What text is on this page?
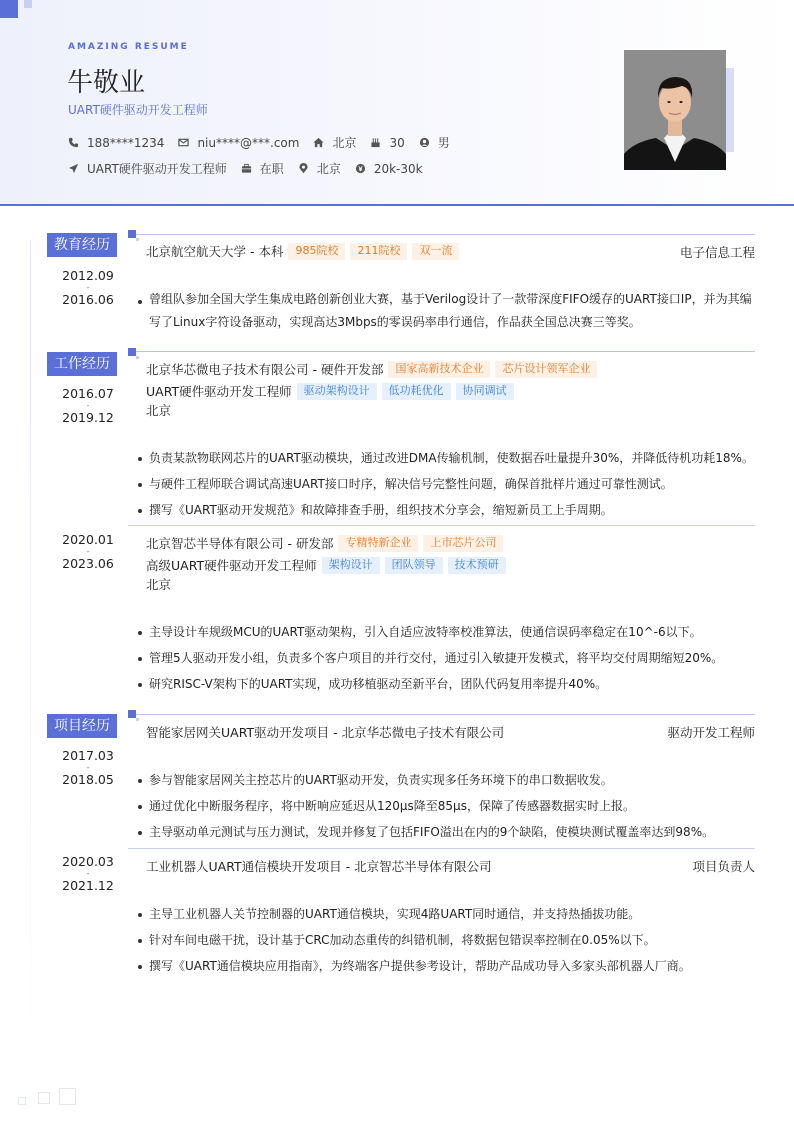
AMAZING RESUME
牛敬业
UART硬件驱动开发工程师
188****1234	niu****@***.com	北京	30	男
UART硬件驱动开发工程师	在职	北京	20k-30k
教育经历
2012.09
-
2016.06
北京航空航天大学 - 本科	985院校	211院校	双一流	电子信息工程
曾组队参加全国大学生集成电路创新创业大赛，基于Verilog设计了一款带深度FIFO缓存的UART接口IP，并为其编写了Linux字符设备驱动，实现高达3Mbps的零误码率串行通信，作品获全国总决赛三等奖。
工作经历
2016.07
-
2019.12
北京华芯微电子技术有限公司 - 硬件开发部	国家高新技术企业	芯片设计领军企业
UART硬件驱动开发工程师	驱动架构设计	低功耗优化	协同调试
北京
负责某款物联网芯片的UART驱动模块，通过改进DMA传输机制，使数据吞吐量提升30%，并降低待机功耗18%。
与硬件工程师联合调试高速UART接口时序，解决信号完整性问题，确保首批样片通过可靠性测试。
撰写《UART驱动开发规范》和故障排查手册，组织技术分享会，缩短新员工上手周期。
2020.01
-
2023.06
北京智芯半导体有限公司 - 研发部	专精特新企业	上市芯片公司
高级UART硬件驱动开发工程师	架构设计	团队领导	技术预研
北京
主导设计车规级MCU的UART驱动架构，引入自适应波特率校准算法，使通信误码率稳定在10^-6以下。
管理5人驱动开发小组，负责多个客户项目的并行交付，通过引入敏捷开发模式，将平均交付周期缩短20%。
研究RISC-V架构下的UART实现，成功移植驱动至新平台，团队代码复用率提升40%。
项目经历
2017.03
-
2018.05
智能家居网关UART驱动开发项目 - 北京华芯微电子技术有限公司	驱动开发工程师
参与智能家居网关主控芯片的UART驱动开发，负责实现多任务环境下的串口数据收发。
通过优化中断服务程序，将中断响应延迟从120μs降至85μs，保障了传感器数据实时上报。
主导驱动单元测试与压力测试，发现并修复了包括FIFO溢出在内的9个缺陷，使模块测试覆盖率达到98%。
2020.03
-
2021.12
工业机器人UART通信模块开发项目 - 北京智芯半导体有限公司	项目负责人
主导工业机器人关节控制器的UART通信模块，实现4路UART同时通信，并支持热插拔功能。
针对车间电磁干扰，设计基于CRC加动态重传的纠错机制，将数据包错误率控制在0.05%以下。
撰写《UART通信模块应用指南》，为终端客户提供参考设计，帮助产品成功导入多家头部机器人厂商。
